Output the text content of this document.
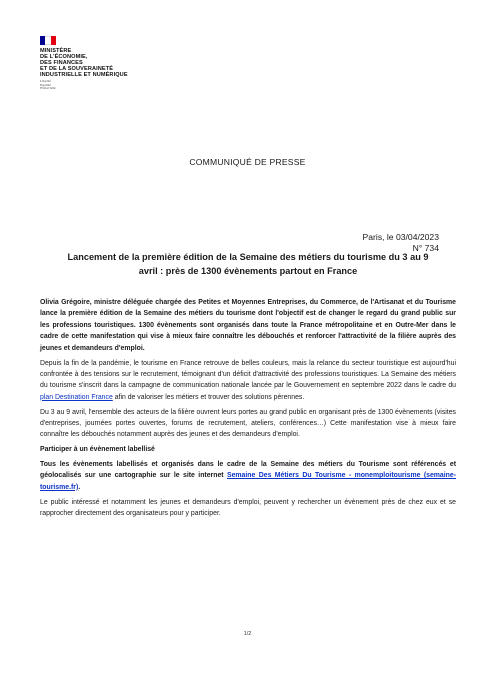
MINISTÈRE
DE L'ÉCONOMIE,
DES FINANCES
ET DE LA SOUVERAINETÉ
INDUSTRIELLE ET NUMÉRIQUE
Liberté
Égalité
Fraternité
COMMUNIQUÉ DE PRESSE
Paris, le 03/04/2023
N° 734
Lancement de la première édition de la Semaine des métiers du tourisme du 3 au 9 avril : près de 1300 évènements partout en France

Olivia Grégoire, ministre déléguée chargée des Petites et Moyennes Entreprises, du Commerce, de l'Artisanat et du Tourisme lance la première édition de la Semaine des métiers du tourisme dont l'objectif est de changer le regard du grand public sur les professions touristiques. 1300 évènements sont organisés dans toute la France métropolitaine et en Outre-Mer dans le cadre de cette manifestation qui vise à mieux faire connaître les débouchés et renforcer l'attractivité de la filière auprès des jeunes et demandeurs d'emploi.

Depuis la fin de la pandémie, le tourisme en France retrouve de belles couleurs, mais la relance du secteur touristique est aujourd'hui confrontée à des tensions sur le recrutement, témoignant d'un déficit d'attractivité des professions touristiques. La Semaine des métiers du tourisme s'inscrit dans la campagne de communication nationale lancée par le Gouvernement en septembre 2022 dans le cadre du plan Destination France afin de valoriser les métiers et trouver des solutions pérennes.

Du 3 au 9 avril, l'ensemble des acteurs de la filière ouvrent leurs portes au grand public en organisant près de 1300 évènements (visites d'entreprises, journées portes ouvertes, forums de recrutement, ateliers, conférences…) Cette manifestation vise à mieux faire connaître les débouchés notamment auprès des jeunes et des demandeurs d'emploi.

Participer à un évènement labellisé

Tous les évènements labellisés et organisés dans le cadre de la Semaine des métiers du Tourisme sont référencés et géolocalisés sur une cartographie sur le site internet Semaine Des Métiers Du Tourisme - monemploitourisme (semaine-tourisme.fr).

Le public intéressé et notamment les jeunes et demandeurs d'emploi, peuvent y rechercher un évènement près de chez eux et se rapprocher directement des organisateurs pour y participer.

1/2
